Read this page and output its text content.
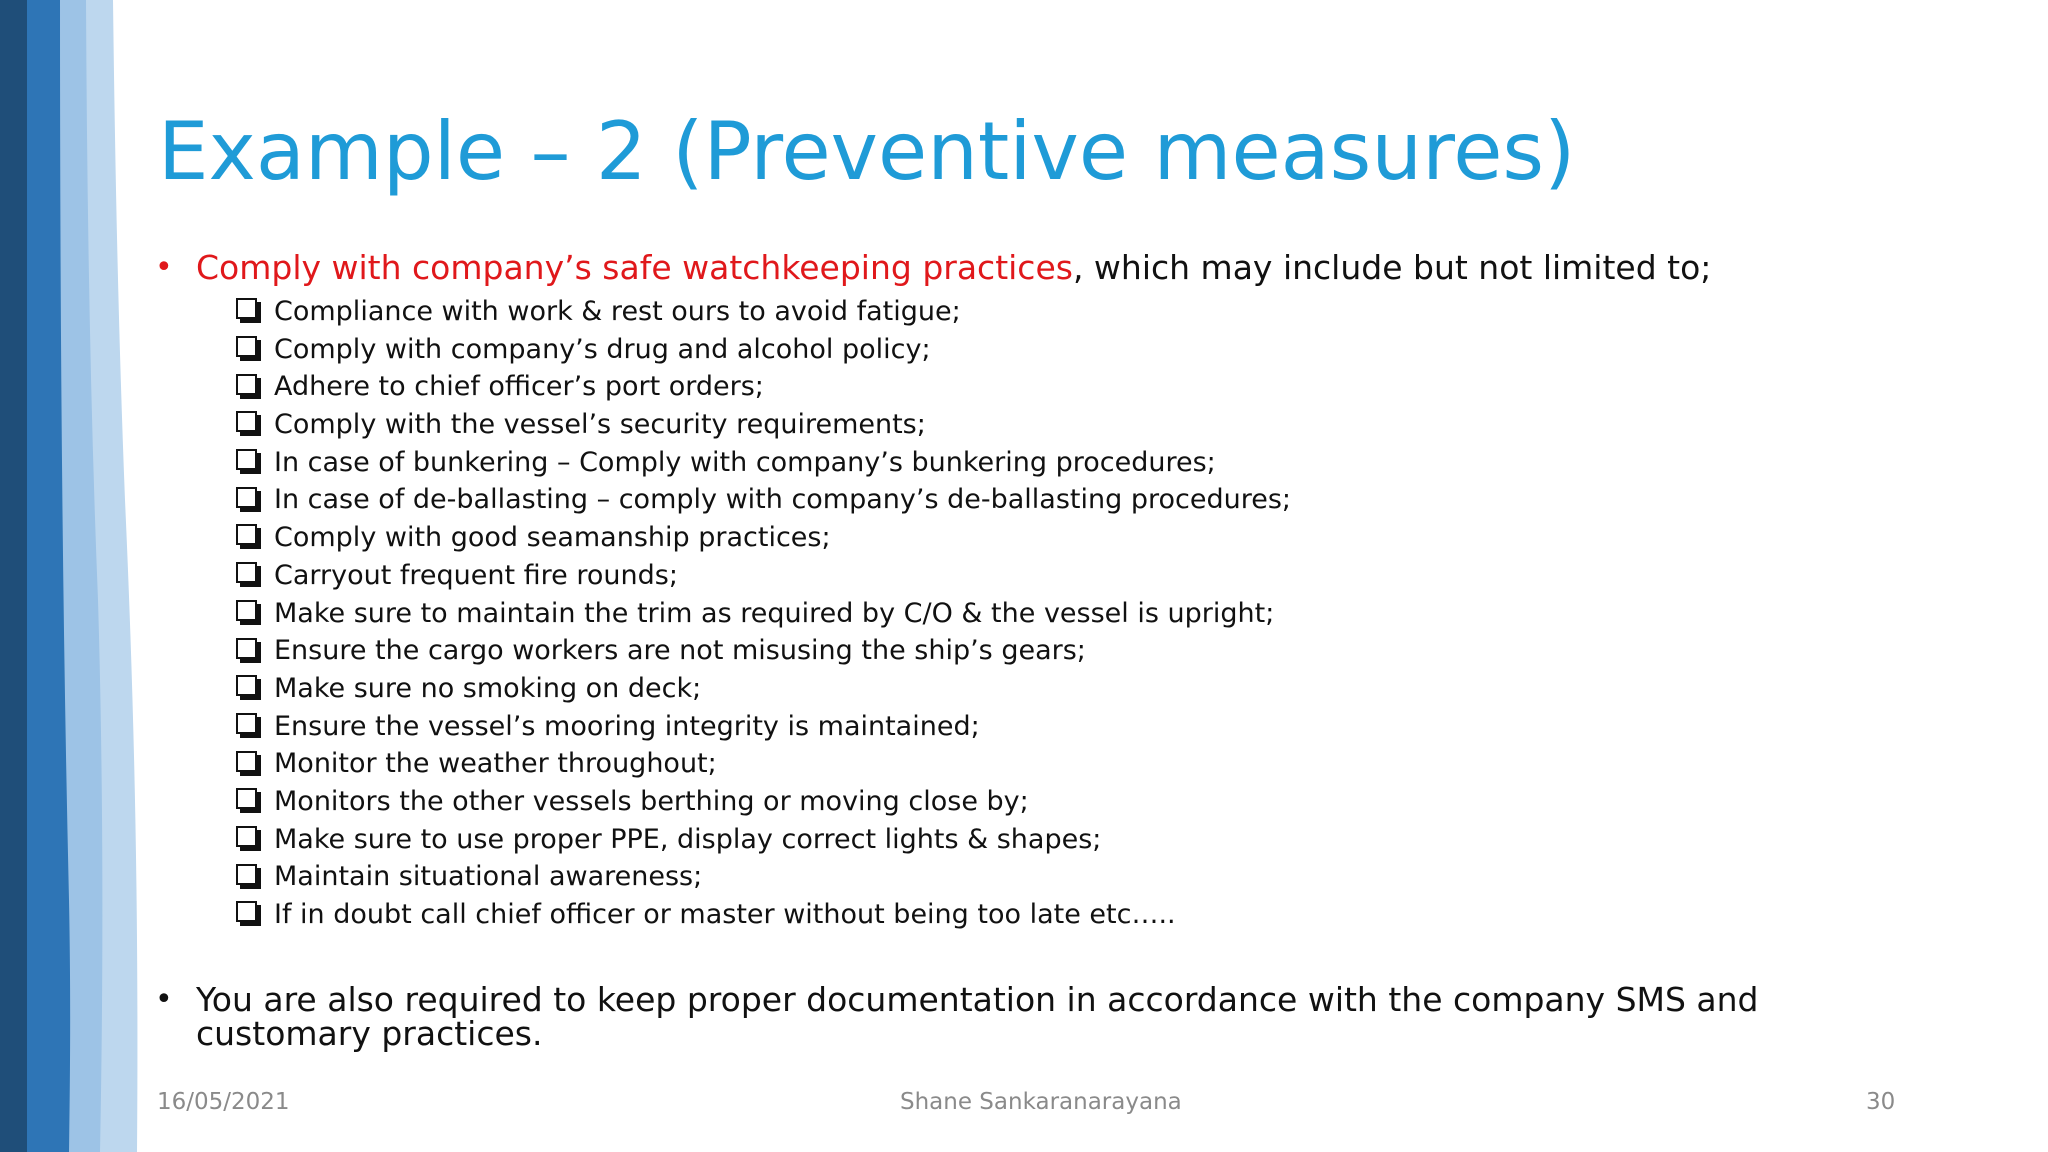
Example – 2 (Preventive measures)
• Comply with company’s safe watchkeeping practices, which may include but not limited to;
Compliance with work & rest ours to avoid fatigue;
Comply with company’s drug and alcohol policy;
Adhere to chief officer’s port orders;
Comply with the vessel’s security requirements;
In case of bunkering – Comply with company’s bunkering procedures;
In case of de-ballasting – comply with company’s de-ballasting procedures;
Comply with good seamanship practices;
Carryout frequent fire rounds;
Make sure to maintain the trim as required by C/O & the vessel is upright;
Ensure the cargo workers are not misusing the ship’s gears;
Make sure no smoking on deck;
Ensure the vessel’s mooring integrity is maintained;
Monitor the weather throughout;
Monitors the other vessels berthing or moving close by;
Make sure to use proper PPE, display correct lights & shapes;
Maintain situational awareness;
If in doubt call chief officer or master without being too late etc…..
• You are also required to keep proper documentation in accordance with the company SMS and customary practices.
16/05/2021	Shane Sankaranarayana	30
